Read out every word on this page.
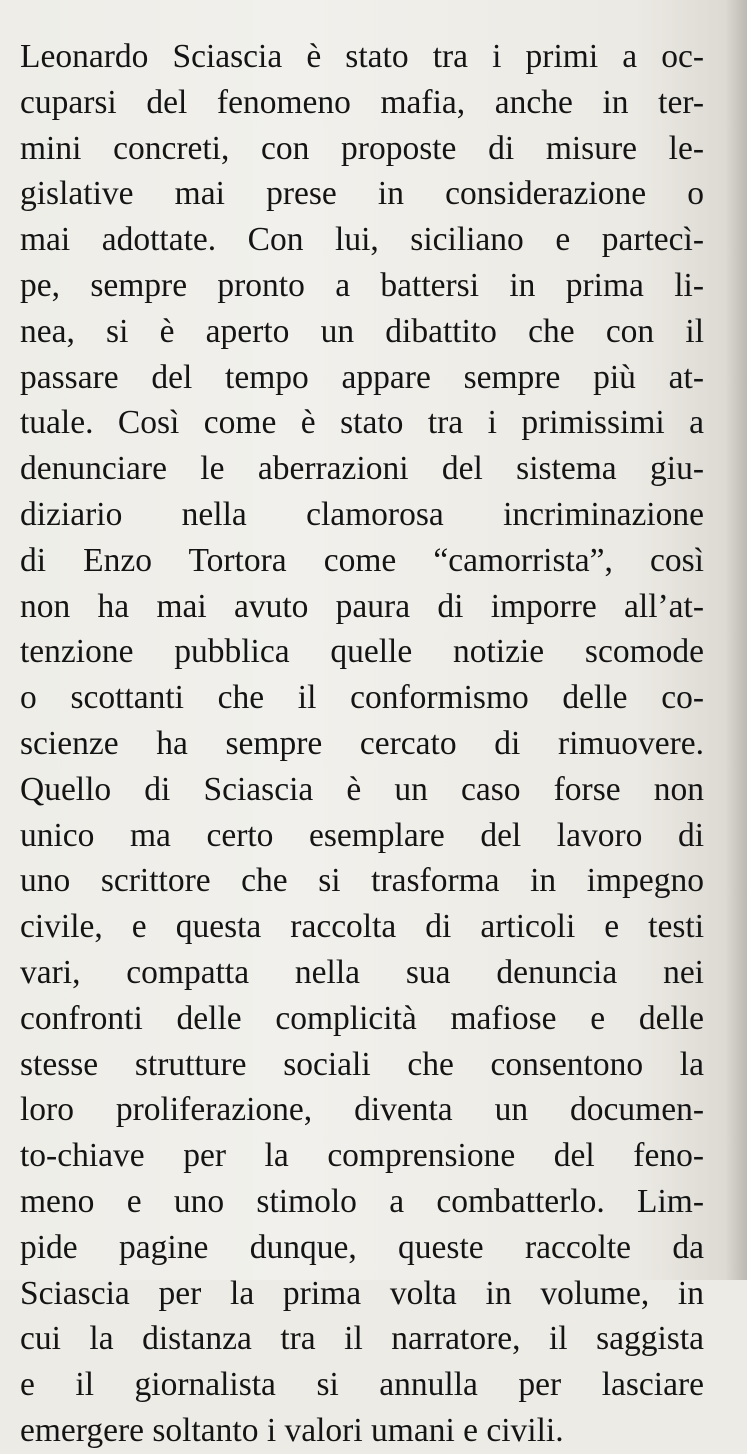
Leonardo Sciascia è stato tra i primi a oc-
cuparsi del fenomeno mafia, anche in ter-
mini concreti, con proposte di misure le-
gislative mai prese in considerazione o
mai adottate. Con lui, siciliano e partecì-
pe, sempre pronto a battersi in prima li-
nea, si è aperto un dibattito che con il
passare del tempo appare sempre più at-
tuale. Così come è stato tra i primissimi a
denunciare le aberrazioni del sistema giu-
diziario nella clamorosa incriminazione
di Enzo Tortora come “camorrista”, così
non ha mai avuto paura di imporre all’at-
tenzione pubblica quelle notizie scomode
o scottanti che il conformismo delle co-
scienze ha sempre cercato di rimuovere.
Quello di Sciascia è un caso forse non
unico ma certo esemplare del lavoro di
uno scrittore che si trasforma in impegno
civile, e questa raccolta di articoli e testi
vari, compatta nella sua denuncia nei
confronti delle complicità mafiose e delle
stesse strutture sociali che consentono la
loro proliferazione, diventa un documen-
to-chiave per la comprensione del feno-
meno e uno stimolo a combatterlo. Lim-
pide pagine dunque, queste raccolte da
Sciascia per la prima volta in volume, in
cui la distanza tra il narratore, il saggista
e il giornalista si annulla per lasciare
emergere soltanto i valori umani e civili.
